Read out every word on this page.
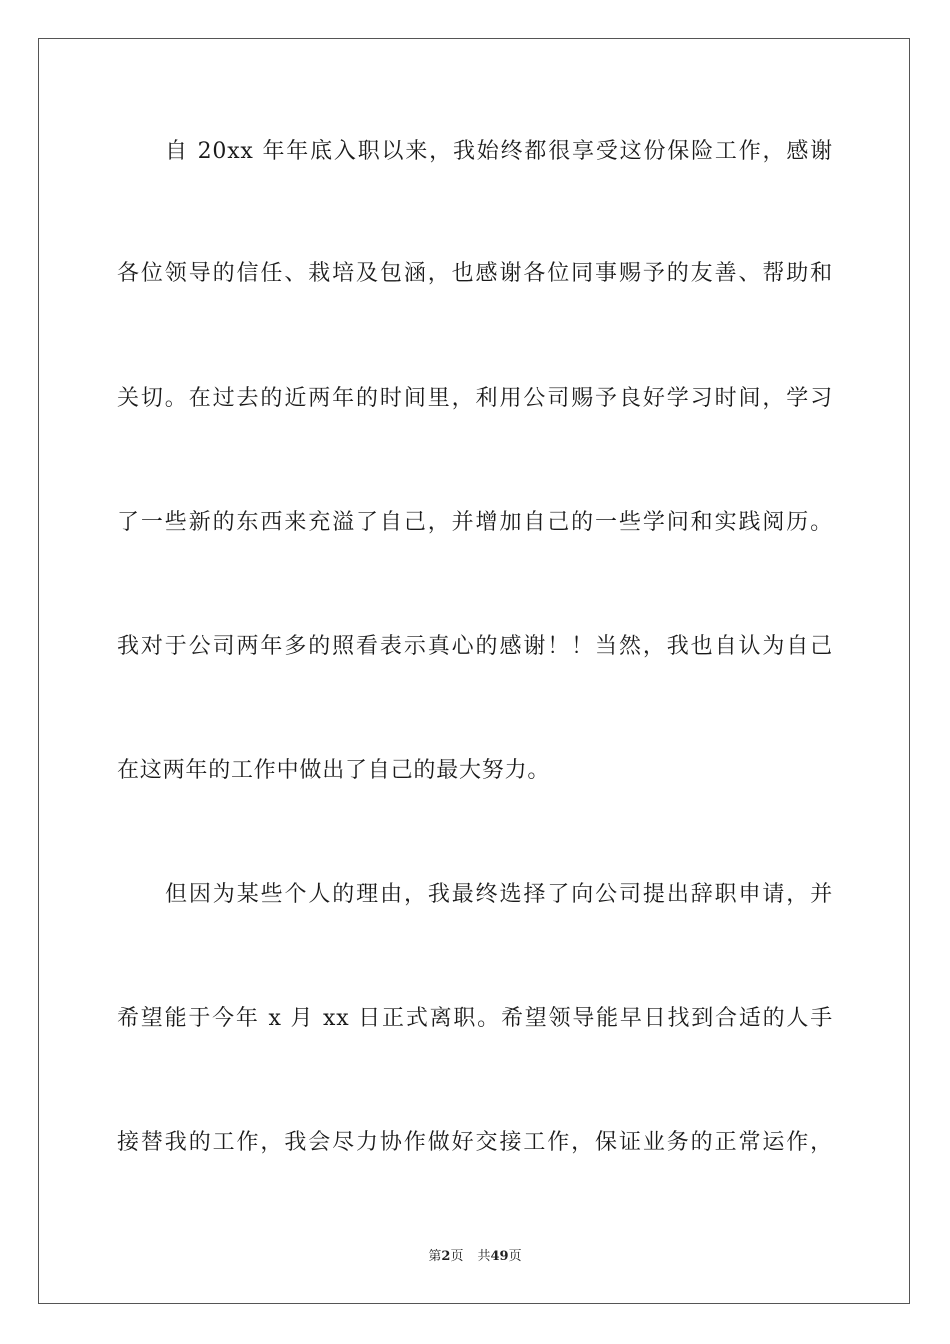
自 20xx 年年底入职以来，我始终都很享受这份保险工作，感谢
各位领导的信任、栽培及包涵，也感谢各位同事赐予的友善、帮助和
关切。在过去的近两年的时间里，利用公司赐予良好学习时间，学习
了一些新的东西来充溢了自己，并增加自己的一些学问和实践阅历。
我对于公司两年多的照看表示真心的感谢！！当然，我也自认为自己
在这两年的工作中做出了自己的最大努力。
但因为某些个人的理由，我最终选择了向公司提出辞职申请，并
希望能于今年 x 月 xx 日正式离职。希望领导能早日找到合适的人手
接替我的工作，我会尽力协作做好交接工作，保证业务的正常运作，
第2页 共49页
